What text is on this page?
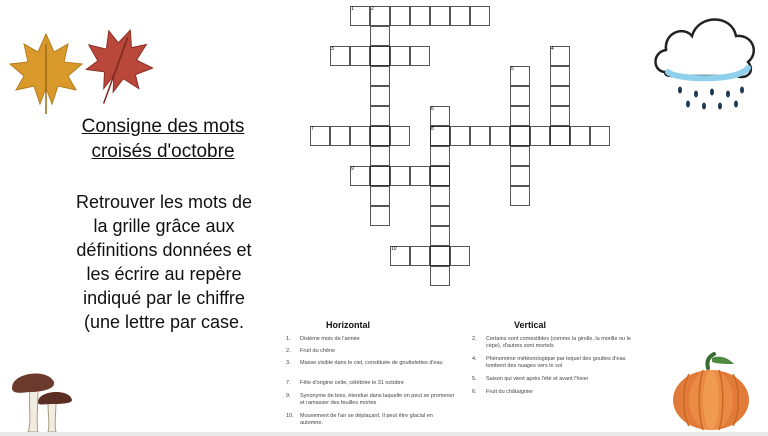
Consigne des mots
croisés d'octobre
Retrouver les mots de
la grille grâce aux
définitions données et
les écrire au repère
indiqué par le chiffre
(une lettre par case.
1	2
3	4
5
6
7	8
9
10
Horizontal	Vertical
1. Dixième mois de l'année
2. Fruit du chêne
3. Masse visible dans le ciel, constituée de gouttelettes d'eau
7. Fête d'origine celte, célébrée le 31 octobre
9. Synonyme de bois, étendue dans laquelle on peut se promener et ramasser des feuilles mortes
10. Mouvement de l'air se déplaçant. Il peut être glacial en automne.
2. Certains sont comestibles (comme la girolle, la morille ou le cèpe), d'autres sont mortels
4. Phénomène météorologique par lequel des gouttes d'eau tombent des nuages vers le sol
5. Saison qui vient après l'été et avant l'hiver
6. Fruit du châtaignier
